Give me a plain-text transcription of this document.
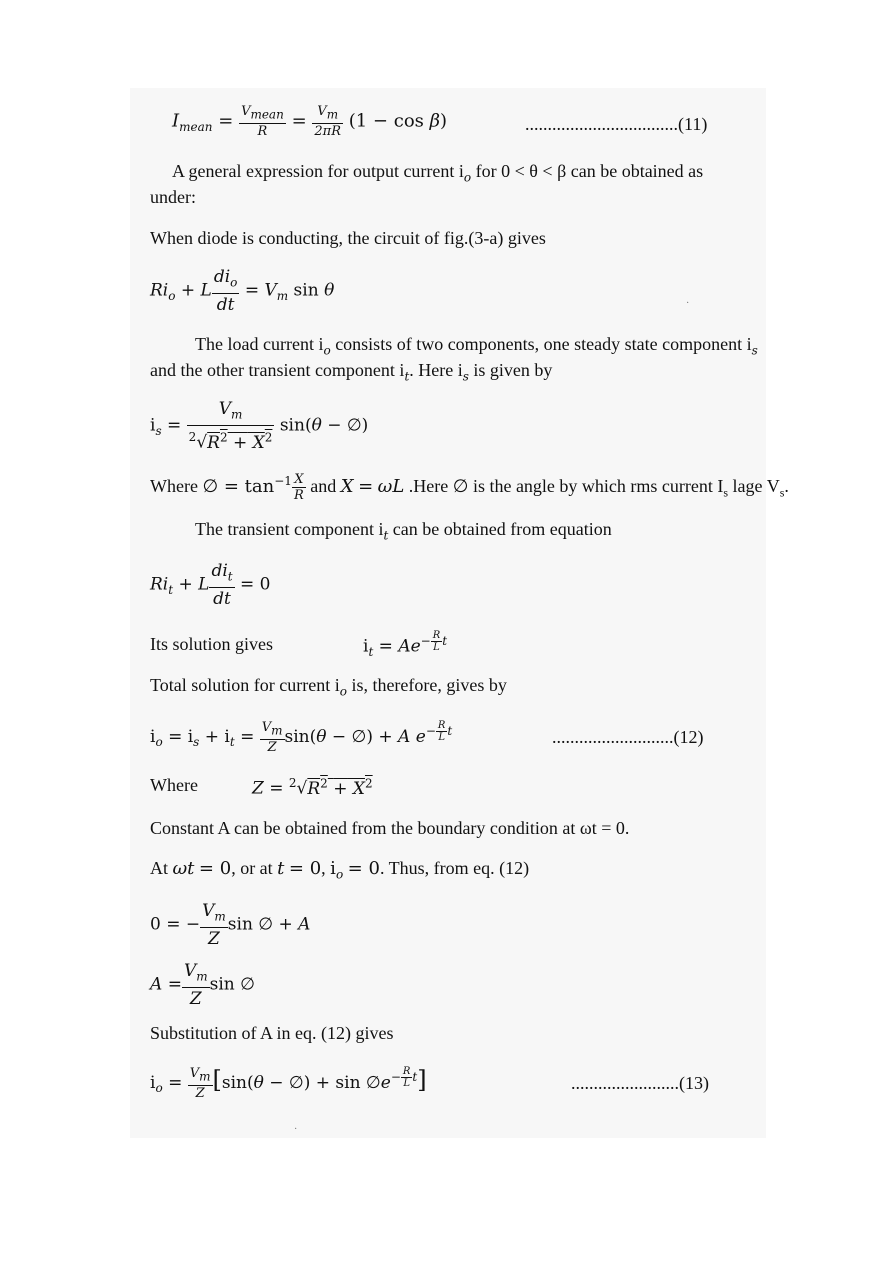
$I_{mean} = \frac{V_{mean}}{R} = \frac{V_m}{2\pi R} (1 - \cos \beta)$	..................................(11)
A general expression for output current $i_o$ for 0 < θ < β can be obtained as
under:
When diode is conducting, the circuit of fig.(3-a) gives
$Ri_o + L \frac{di_o}{dt} = V_m$ sin θ
The load current $i_o$ consists of two components, one steady state component $i_s$
and the other transient component $i_t$. Here $i_s$ is given by
$i_s = \frac{V_m}{^2√R^2 + X^2} \sin(\theta$ − ∅)
Where ∅ = $\tan^{-1} \frac{X}{R}$ and X = ωL .Here ∅ is the angle by which rms current $I_s$ lage $V_s$.
The transient component $i_t$ can be obtained from equation
$Ri_t + L \frac{di_t}{dt} = 0$
Its solution gives	$i_t = Ae^{- \frac{R}{L} t}$
Total solution for current $i_o$ is, therefore, gives by
$i_o = i_s + i_t = \frac{V_m}{Z} \sin(\theta$ − ∅) + A $e^{- \frac{R}{L} t}$	...........................(12)
Where	$Z = ^2√R^2 + X^2$
Constant A can be obtained from the boundary condition at ωt = 0.
At ωt = 0, or at t = 0, $i_o = 0$. Thus, from eq. (12)
0 = − $\frac{V_m}{Z}$ sin ∅ + A
$A = \frac{V_m}{Z}$ sin ∅
Substitution of A in eq. (12) gives
$i_o = \frac{V_m}{Z} [\sin(\theta$ − ∅) + $\sin \emptyset e^{- \frac{R}{L} t}$]	........................(13)
·
·
